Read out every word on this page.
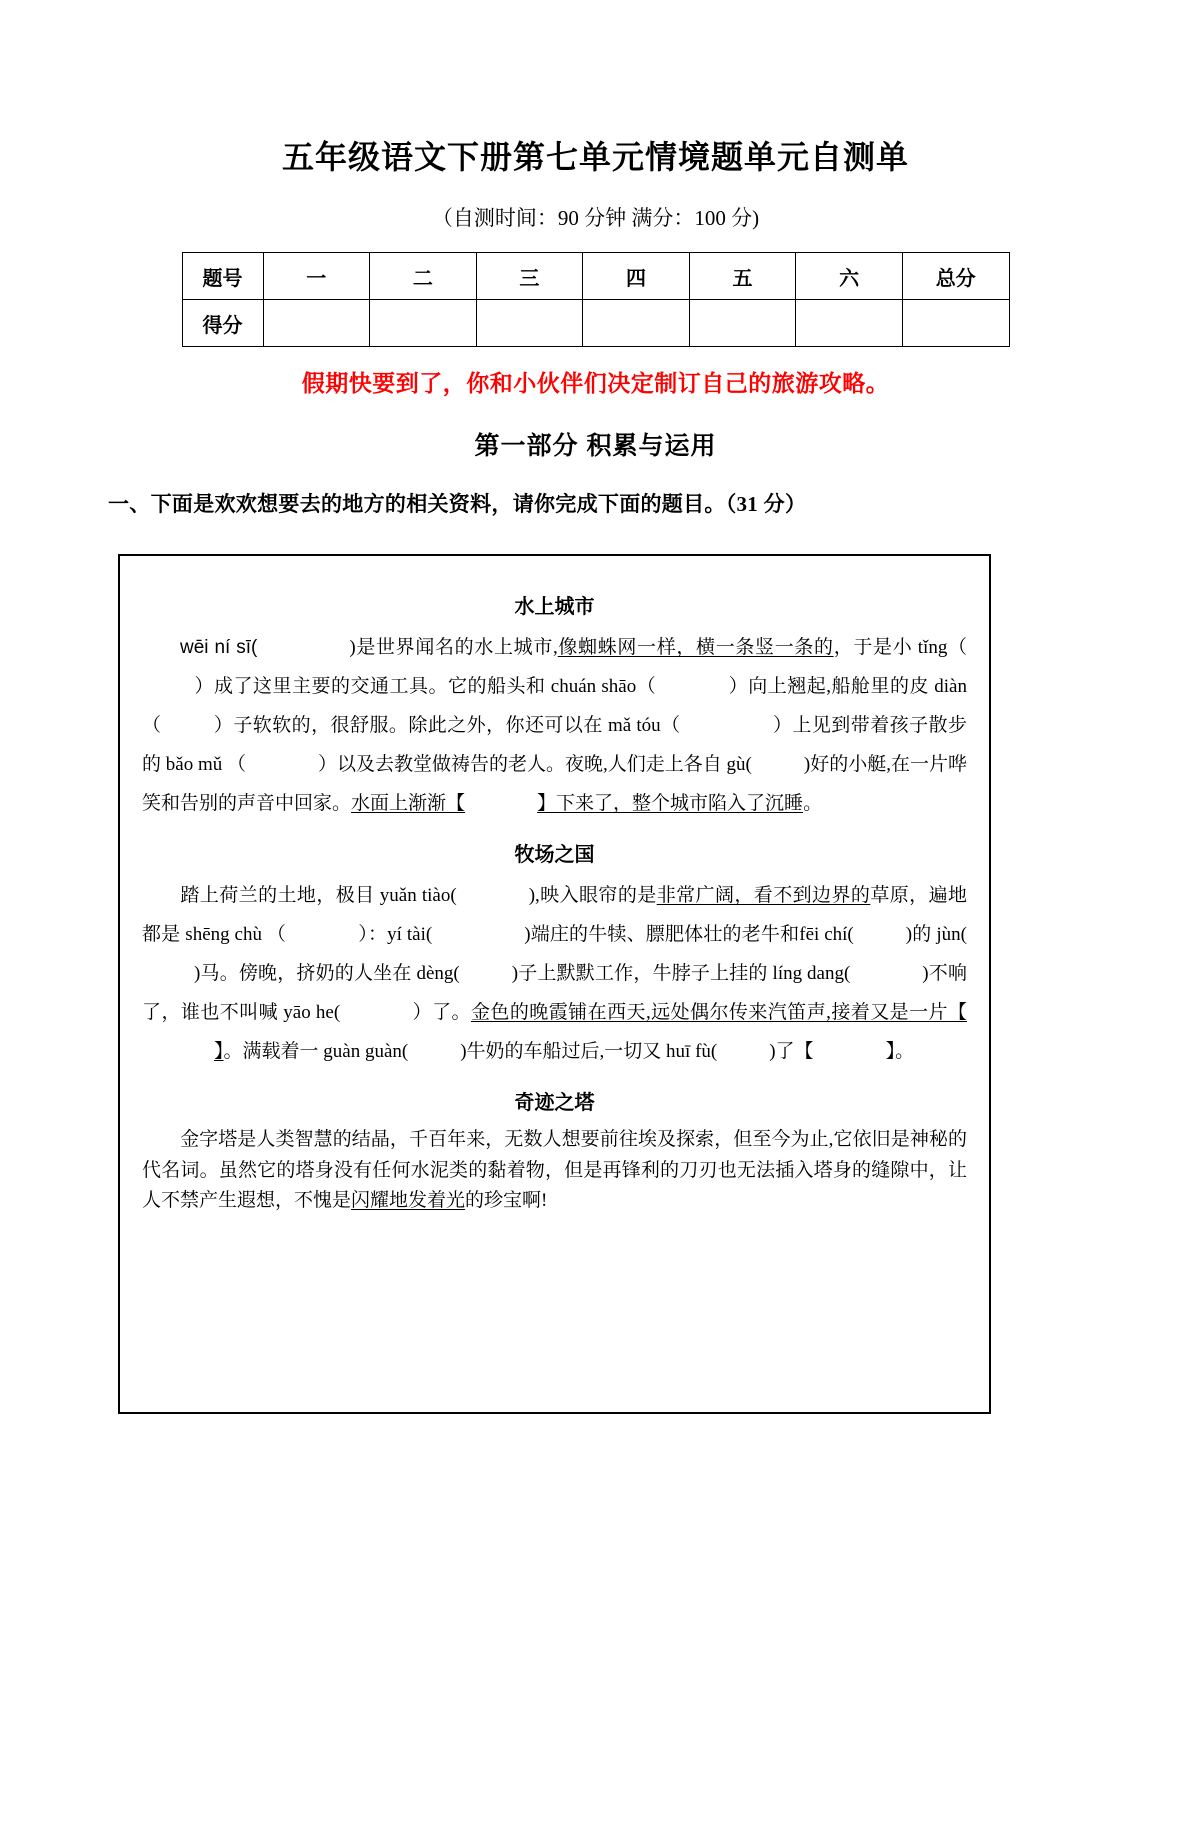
五年级语文下册第七单元情境题单元自测单
（自测时间：90 分钟 满分：100 分)
题号	一	二	三	四	五	六	总分
得分							
假期快要到了，你和小伙伴们决定制订自己的旅游攻略。
第一部分 积累与运用
一、下面是欢欢想要去的地方的相关资料，请你完成下面的题目。（31 分）
水上城市
wēi ní sī(	)是世界闻名的水上城市,像蜘蛛网一样，横一条竖一条的，于是小 tǐng（）成了这里主要的交通工具。它的船头和 chuán shāo（	）向上翘起,船舱里的皮 diàn （	）子软软的，很舒服。除此之外，你还可以在 mǎ tóu（	）上见到带着孩子散步的 bǎo mǔ （	）以及去教堂做祷告的老人。夜晚,人们走上各自 gù(	)好的小艇,在一片哗笑和告别的声音中回家。水面上渐渐【	】下来了，整个城市陷入了沉睡。
牧场之国
踏上荷兰的土地，极目 yuǎn tiào(	),映入眼帘的是非常广阔，看不到边界的草原，遍地都是 shēng chù （	）：yí tài(	)端庄的牛犊、膘肥体壮的老牛和fēi chí(	)的 jùn()马。傍晚，挤奶的人坐在 dèng(	)子上默默工作，牛脖子上挂的 líng dang(	)不响了，谁也不叫喊 yāo he(	）了。金色的晚霞铺在西天,远处偶尔传来汽笛声,接着又是一片【】。满载着一 guàn guàn(	)牛奶的车船过后,一切又 huī fù(	)了【	】。
奇迹之塔
金字塔是人类智慧的结晶，千百年来，无数人想要前往埃及探索，但至今为止,它依旧是神秘的代名词。虽然它的塔身没有任何水泥类的黏着物，但是再锋利的刀刃也无法插入塔身的缝隙中，让人不禁产生遐想，不愧是闪耀地发着光的珍宝啊!
